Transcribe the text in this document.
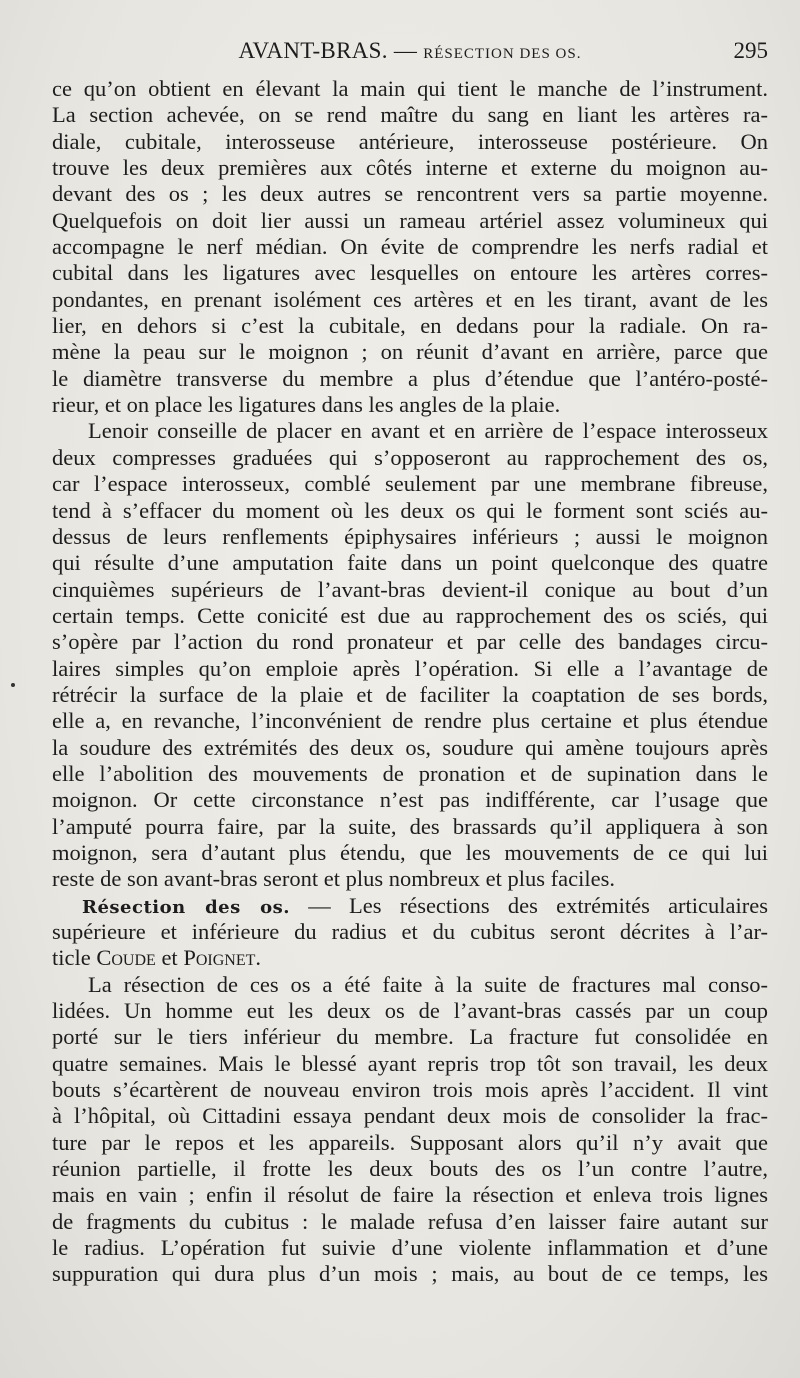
AVANT-BRAS. — RÉSECTION DES OS.	295
ce qu’on obtient en élevant la main qui tient le manche de l’instrument.
La section achevée, on se rend maître du sang en liant les artères ra-
diale, cubitale, interosseuse antérieure, interosseuse postérieure. On
trouve les deux premières aux côtés interne et externe du moignon au-
devant des os ; les deux autres se rencontrent vers sa partie moyenne.
Quelquefois on doit lier aussi un rameau artériel assez volumineux qui
accompagne le nerf médian. On évite de comprendre les nerfs radial et
cubital dans les ligatures avec lesquelles on entoure les artères corres-
pondantes, en prenant isolément ces artères et en les tirant, avant de les
lier, en dehors si c’est la cubitale, en dedans pour la radiale. On ra-
mène la peau sur le moignon ; on réunit d’avant en arrière, parce que
le diamètre transverse du membre a plus d’étendue que l’antéro-posté-
rieur, et on place les ligatures dans les angles de la plaie.
Lenoir conseille de placer en avant et en arrière de l’espace interosseux
deux compresses graduées qui s’opposeront au rapprochement des os,
car l’espace interosseux, comblé seulement par une membrane fibreuse,
tend à s’effacer du moment où les deux os qui le forment sont sciés au-
dessus de leurs renflements épiphysaires inférieurs ; aussi le moignon
qui résulte d’une amputation faite dans un point quelconque des quatre
cinquièmes supérieurs de l’avant-bras devient-il conique au bout d’un
certain temps. Cette conicité est due au rapprochement des os sciés, qui
s’opère par l’action du rond pronateur et par celle des bandages circu-
laires simples qu’on emploie après l’opération. Si elle a l’avantage de
rétrécir la surface de la plaie et de faciliter la coaptation de ses bords,
elle a, en revanche, l’inconvénient de rendre plus certaine et plus étendue
la soudure des extrémités des deux os, soudure qui amène toujours après
elle l’abolition des mouvements de pronation et de supination dans le
moignon. Or cette circonstance n’est pas indifférente, car l’usage que
l’amputé pourra faire, par la suite, des brassards qu’il appliquera à son
moignon, sera d’autant plus étendu, que les mouvements de ce qui lui
reste de son avant-bras seront et plus nombreux et plus faciles.
Résection des os. — Les résections des extrémités articulaires
supérieure et inférieure du radius et du cubitus seront décrites à l’ar-
ticle Coude et Poignet.
La résection de ces os a été faite à la suite de fractures mal conso-
lidées. Un homme eut les deux os de l’avant-bras cassés par un coup
porté sur le tiers inférieur du membre. La fracture fut consolidée en
quatre semaines. Mais le blessé ayant repris trop tôt son travail, les deux
bouts s’écartèrent de nouveau environ trois mois après l’accident. Il vint
à l’hôpital, où Cittadini essaya pendant deux mois de consolider la frac-
ture par le repos et les appareils. Supposant alors qu’il n’y avait que
réunion partielle, il frotte les deux bouts des os l’un contre l’autre,
mais en vain ; enfin il résolut de faire la résection et enleva trois lignes
de fragments du cubitus : le malade refusa d’en laisser faire autant sur
le radius. L’opération fut suivie d’une violente inflammation et d’une
suppuration qui dura plus d’un mois ; mais, au bout de ce temps, les
